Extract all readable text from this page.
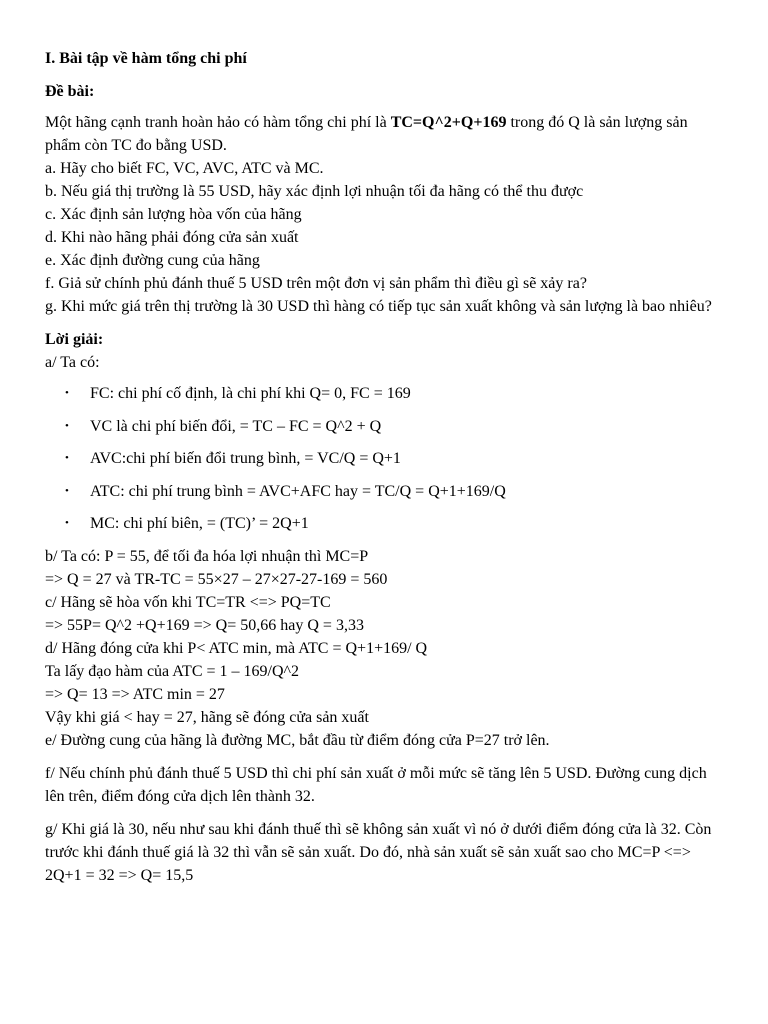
I. Bài tập về hàm tổng chi phí

Đề bài:

Một hãng cạnh tranh hoàn hảo có hàm tổng chi phí là TC=Q^2+Q+169 trong đó Q là sản lượng sản phẩm còn TC đo bằng USD.

a. Hãy cho biết FC, VC, AVC, ATC và MC.

b. Nếu giá thị trường là 55 USD, hãy xác định lợi nhuận tối đa hãng có thể thu được

c. Xác định sản lượng hòa vốn của hãng

d. Khi nào hãng phải đóng cửa sản xuất

e. Xác định đường cung của hãng

f. Giả sử chính phủ đánh thuế 5 USD trên một đơn vị sản phẩm thì điều gì sẽ xảy ra?

g. Khi mức giá trên thị trường là 30 USD thì hàng có tiếp tục sản xuất không và sản lượng là bao nhiêu?

Lời giải:

a/ Ta có:

• FC: chi phí cố định, là chi phí khi Q= 0, FC = 169
• VC là chi phí biến đổi, = TC – FC = Q^2 + Q
• AVC:chi phí biến đổi trung bình, = VC/Q = Q+1
• ATC: chi phí trung bình = AVC+AFC hay = TC/Q = Q+1+169/Q
• MC: chi phí biên, = (TC)’ = 2Q+1

b/ Ta có: P = 55, để tối đa hóa lợi nhuận thì MC=P

=> Q = 27 và TR-TC = 55×27 – 27×27-27-169 = 560

c/ Hãng sẽ hòa vốn khi TC=TR <=> PQ=TC

=> 55P= Q^2 +Q+169 => Q= 50,66 hay Q = 3,33

d/ Hãng đóng cửa khi P< ATC min, mà ATC = Q+1+169/ Q

Ta lấy đạo hàm của ATC = 1 – 169/Q^2

=> Q= 13 => ATC min = 27

Vậy khi giá < hay = 27, hãng sẽ đóng cửa sản xuất

e/ Đường cung của hãng là đường MC, bắt đầu từ điểm đóng cửa P=27 trở lên.

f/ Nếu chính phủ đánh thuế 5 USD thì chi phí sản xuất ở mỗi mức sẽ tăng lên 5 USD. Đường cung dịch lên trên, điểm đóng cửa dịch lên thành 32.

g/ Khi giá là 30, nếu như sau khi đánh thuế thì sẽ không sản xuất vì nó ở dưới điểm đóng cửa là 32. Còn trước khi đánh thuế giá là 32 thì vẫn sẽ sản xuất. Do đó, nhà sản xuất sẽ sản xuất sao cho MC=P <=> 2Q+1 = 32 => Q= 15,5
